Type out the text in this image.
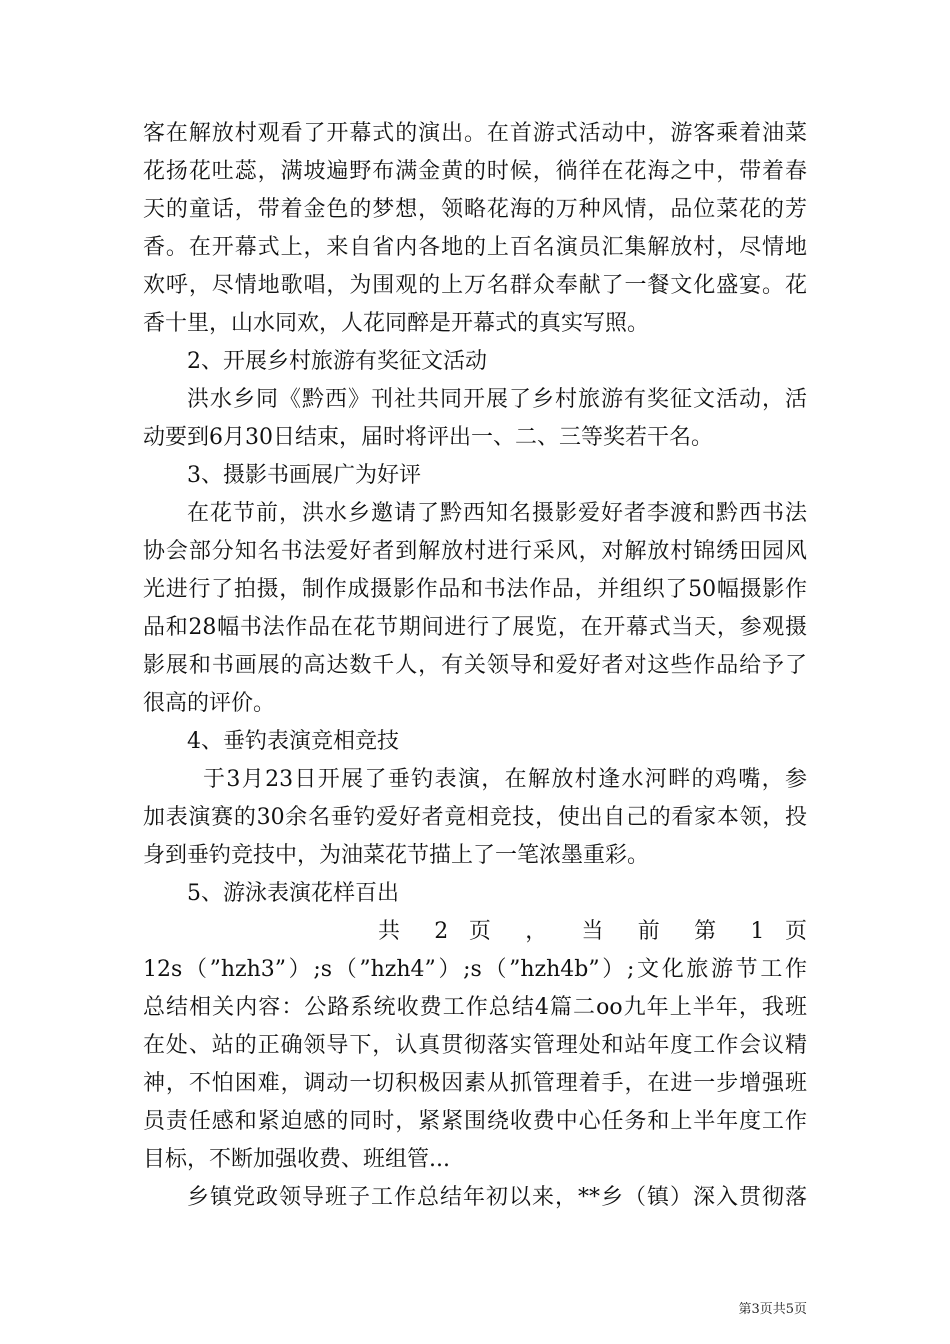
客在解放村观看了开幕式的演出。在首游式活动中，游客乘着油菜
花扬花吐蕊，满坡遍野布满金黄的时候，徜徉在花海之中，带着春
天的童话，带着金色的梦想，领略花海的万种风情，品位菜花的芳
香。在开幕式上，来自省内各地的上百名演员汇集解放村，尽情地
欢呼，尽情地歌唱，为围观的上万名群众奉献了一餐文化盛宴。花
香十里，山水同欢，人花同醉是开幕式的真实写照。
2、开展乡村旅游有奖征文活动
洪水乡同《黔西》刊社共同开展了乡村旅游有奖征文活动，活
动要到6月30日结束，届时将评出一、二、三等奖若干名。
3、摄影书画展广为好评
在花节前，洪水乡邀请了黔西知名摄影爱好者李渡和黔西书法
协会部分知名书法爱好者到解放村进行采风，对解放村锦绣田园风
光进行了拍摄，制作成摄影作品和书法作品，并组织了50幅摄影作
品和28幅书法作品在花节期间进行了展览，在开幕式当天，参观摄
影展和书画展的高达数千人，有关领导和爱好者对这些作品给予了
很高的评价。
4、垂钓表演竞相竞技
于3月23日开展了垂钓表演，在解放村逢水河畔的鸡嘴，参
加表演赛的30余名垂钓爱好者竟相竞技，使出自己的看家本领，投
身到垂钓竞技中，为油菜花节描上了一笔浓墨重彩。
5、游泳表演花样百出
共 2 页 ， 当 前 第 1 页
12s（”hzh3”）;s（”hzh4”）;s（”hzh4b”）;文化旅游节工作
总结相关内容：公路系统收费工作总结4篇二oo九年上半年，我班
在处、站的正确领导下，认真贯彻落实管理处和站年度工作会议精
神，不怕困难，调动一切积极因素从抓管理着手，在进一步增强班
员责任感和紧迫感的同时，紧紧围绕收费中心任务和上半年度工作
目标，不断加强收费、班组管...
乡镇党政领导班子工作总结年初以来，**乡（镇）深入贯彻落
第3页共5页
